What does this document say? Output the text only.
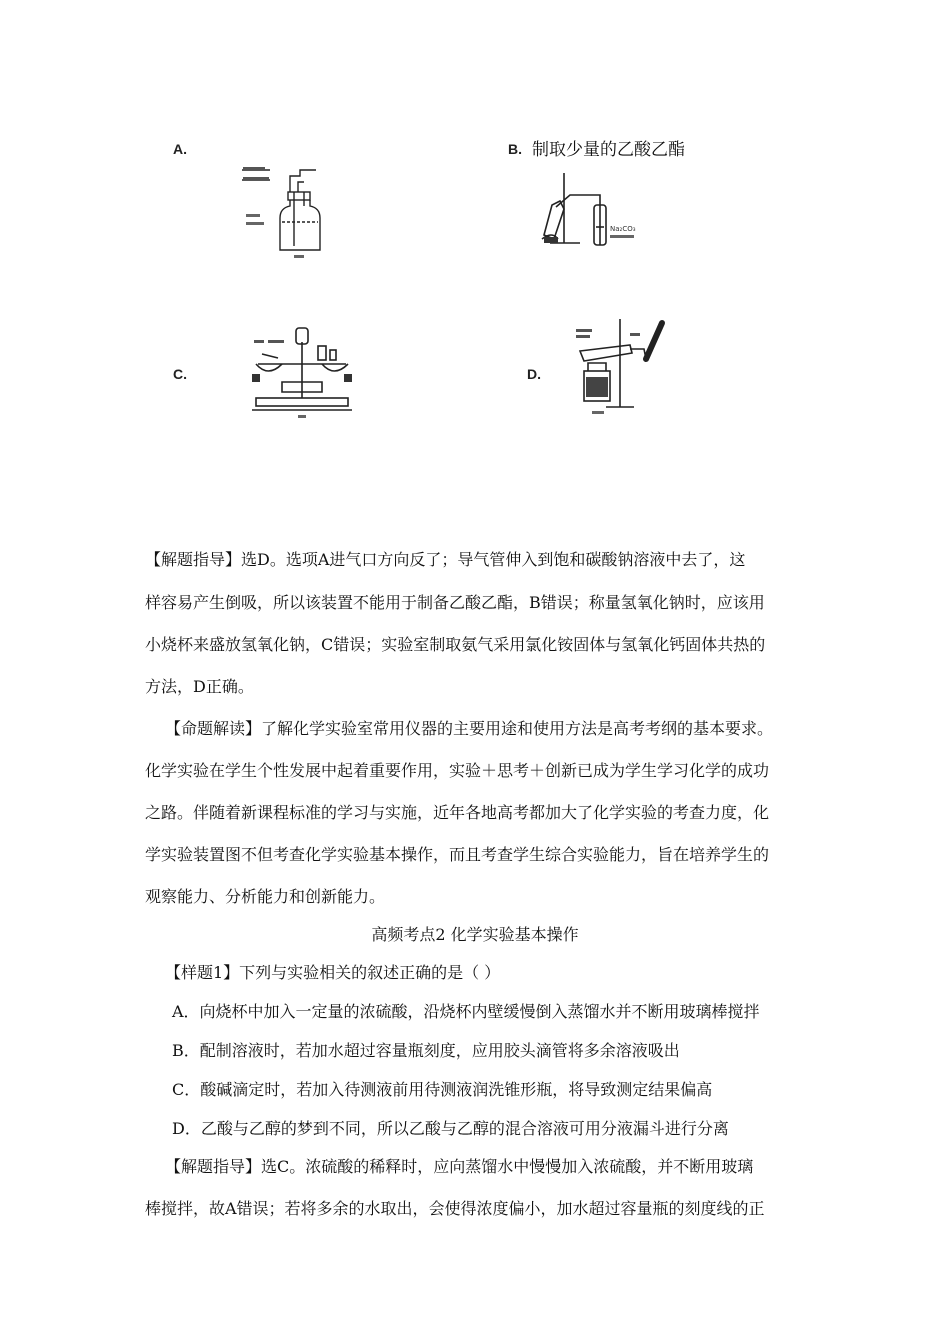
A.	B. 制取少量的乙酸乙酯
C.	D.
Na₂CO₃
【解题指导】选D。选项A进气口方向反了；导气管伸入到饱和碳酸钠溶液中去了，这
样容易产生倒吸，所以该装置不能用于制备乙酸乙酯，B错误；称量氢氧化钠时，应该用
小烧杯来盛放氢氧化钠，C错误；实验室制取氨气采用氯化铵固体与氢氧化钙固体共热的
方法，D正确。
【命题解读】了解化学实验室常用仪器的主要用途和使用方法是高考考纲的基本要求。
化学实验在学生个性发展中起着重要作用，实验＋思考＋创新已成为学生学习化学的成功
之路。伴随着新课程标准的学习与实施，近年各地高考都加大了化学实验的考查力度，化
学实验装置图不但考查化学实验基本操作，而且考查学生综合实验能力，旨在培养学生的
观察能力、分析能力和创新能力。
高频考点2 化学实验基本操作
【样题1】下列与实验相关的叙述正确的是（ ）
A．向烧杯中加入一定量的浓硫酸，沿烧杯内壁缓慢倒入蒸馏水并不断用玻璃棒搅拌
B．配制溶液时，若加水超过容量瓶刻度，应用胶头滴管将多余溶液吸出
C．酸碱滴定时，若加入待测液前用待测液润洗锥形瓶，将导致测定结果偏高
D．乙酸与乙醇的梦到不同，所以乙酸与乙醇的混合溶液可用分液漏斗进行分离
【解题指导】选C。浓硫酸的稀释时，应向蒸馏水中慢慢加入浓硫酸，并不断用玻璃
棒搅拌，故A错误；若将多余的水取出，会使得浓度偏小，加水超过容量瓶的刻度线的正
